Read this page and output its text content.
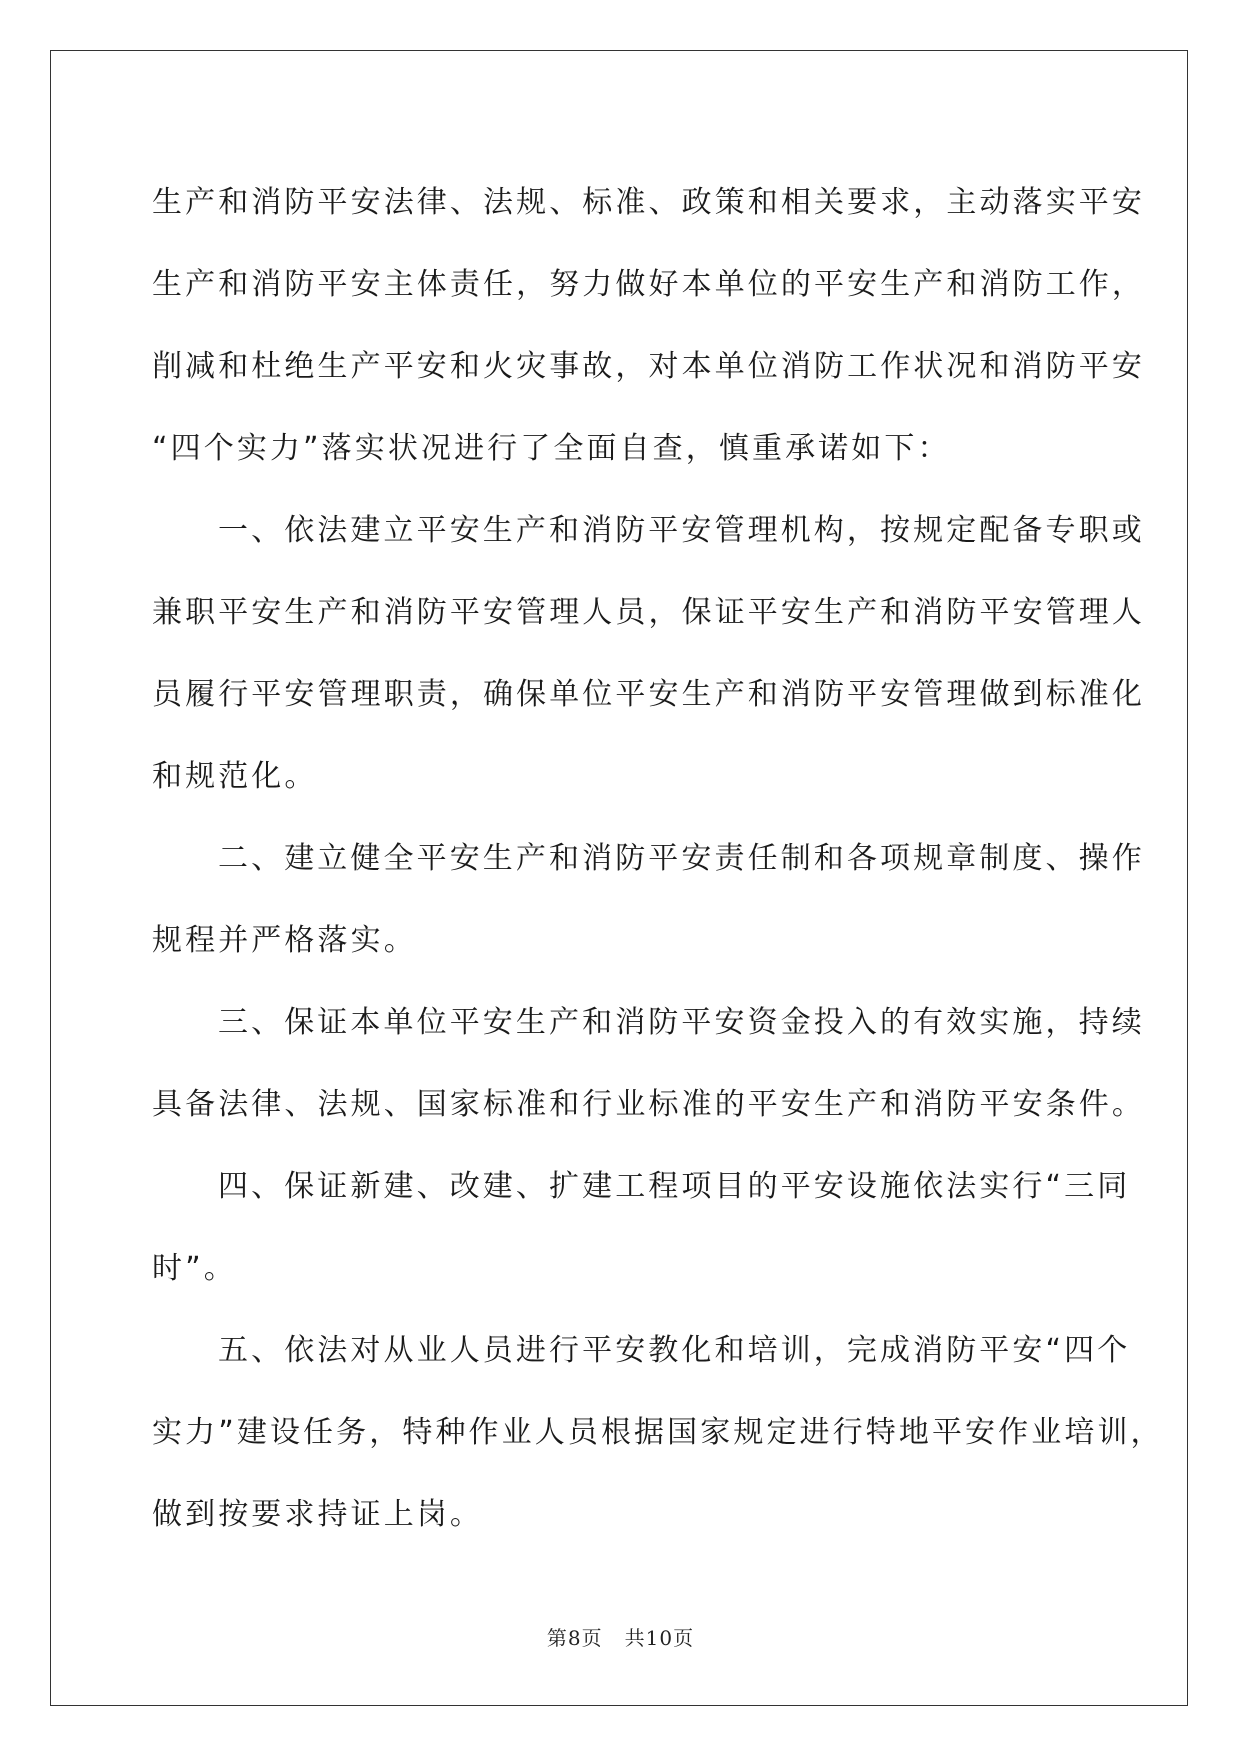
生产和消防平安法律、法规、标准、政策和相关要求，主动落实平安
生产和消防平安主体责任，努力做好本单位的平安生产和消防工作，
削减和杜绝生产平安和火灾事故，对本单位消防工作状况和消防平安
“四个实力”落实状况进行了全面自查，慎重承诺如下：
一、依法建立平安生产和消防平安管理机构，按规定配备专职或
兼职平安生产和消防平安管理人员，保证平安生产和消防平安管理人
员履行平安管理职责，确保单位平安生产和消防平安管理做到标准化
和规范化。
二、建立健全平安生产和消防平安责任制和各项规章制度、操作
规程并严格落实。
三、保证本单位平安生产和消防平安资金投入的有效实施，持续
具备法律、法规、国家标准和行业标准的平安生产和消防平安条件。
四、保证新建、改建、扩建工程项目的平安设施依法实行“三同
时”。
五、依法对从业人员进行平安教化和培训，完成消防平安“四个
实力”建设任务，特种作业人员根据国家规定进行特地平安作业培训，
做到按要求持证上岗。
第8页 共10页
